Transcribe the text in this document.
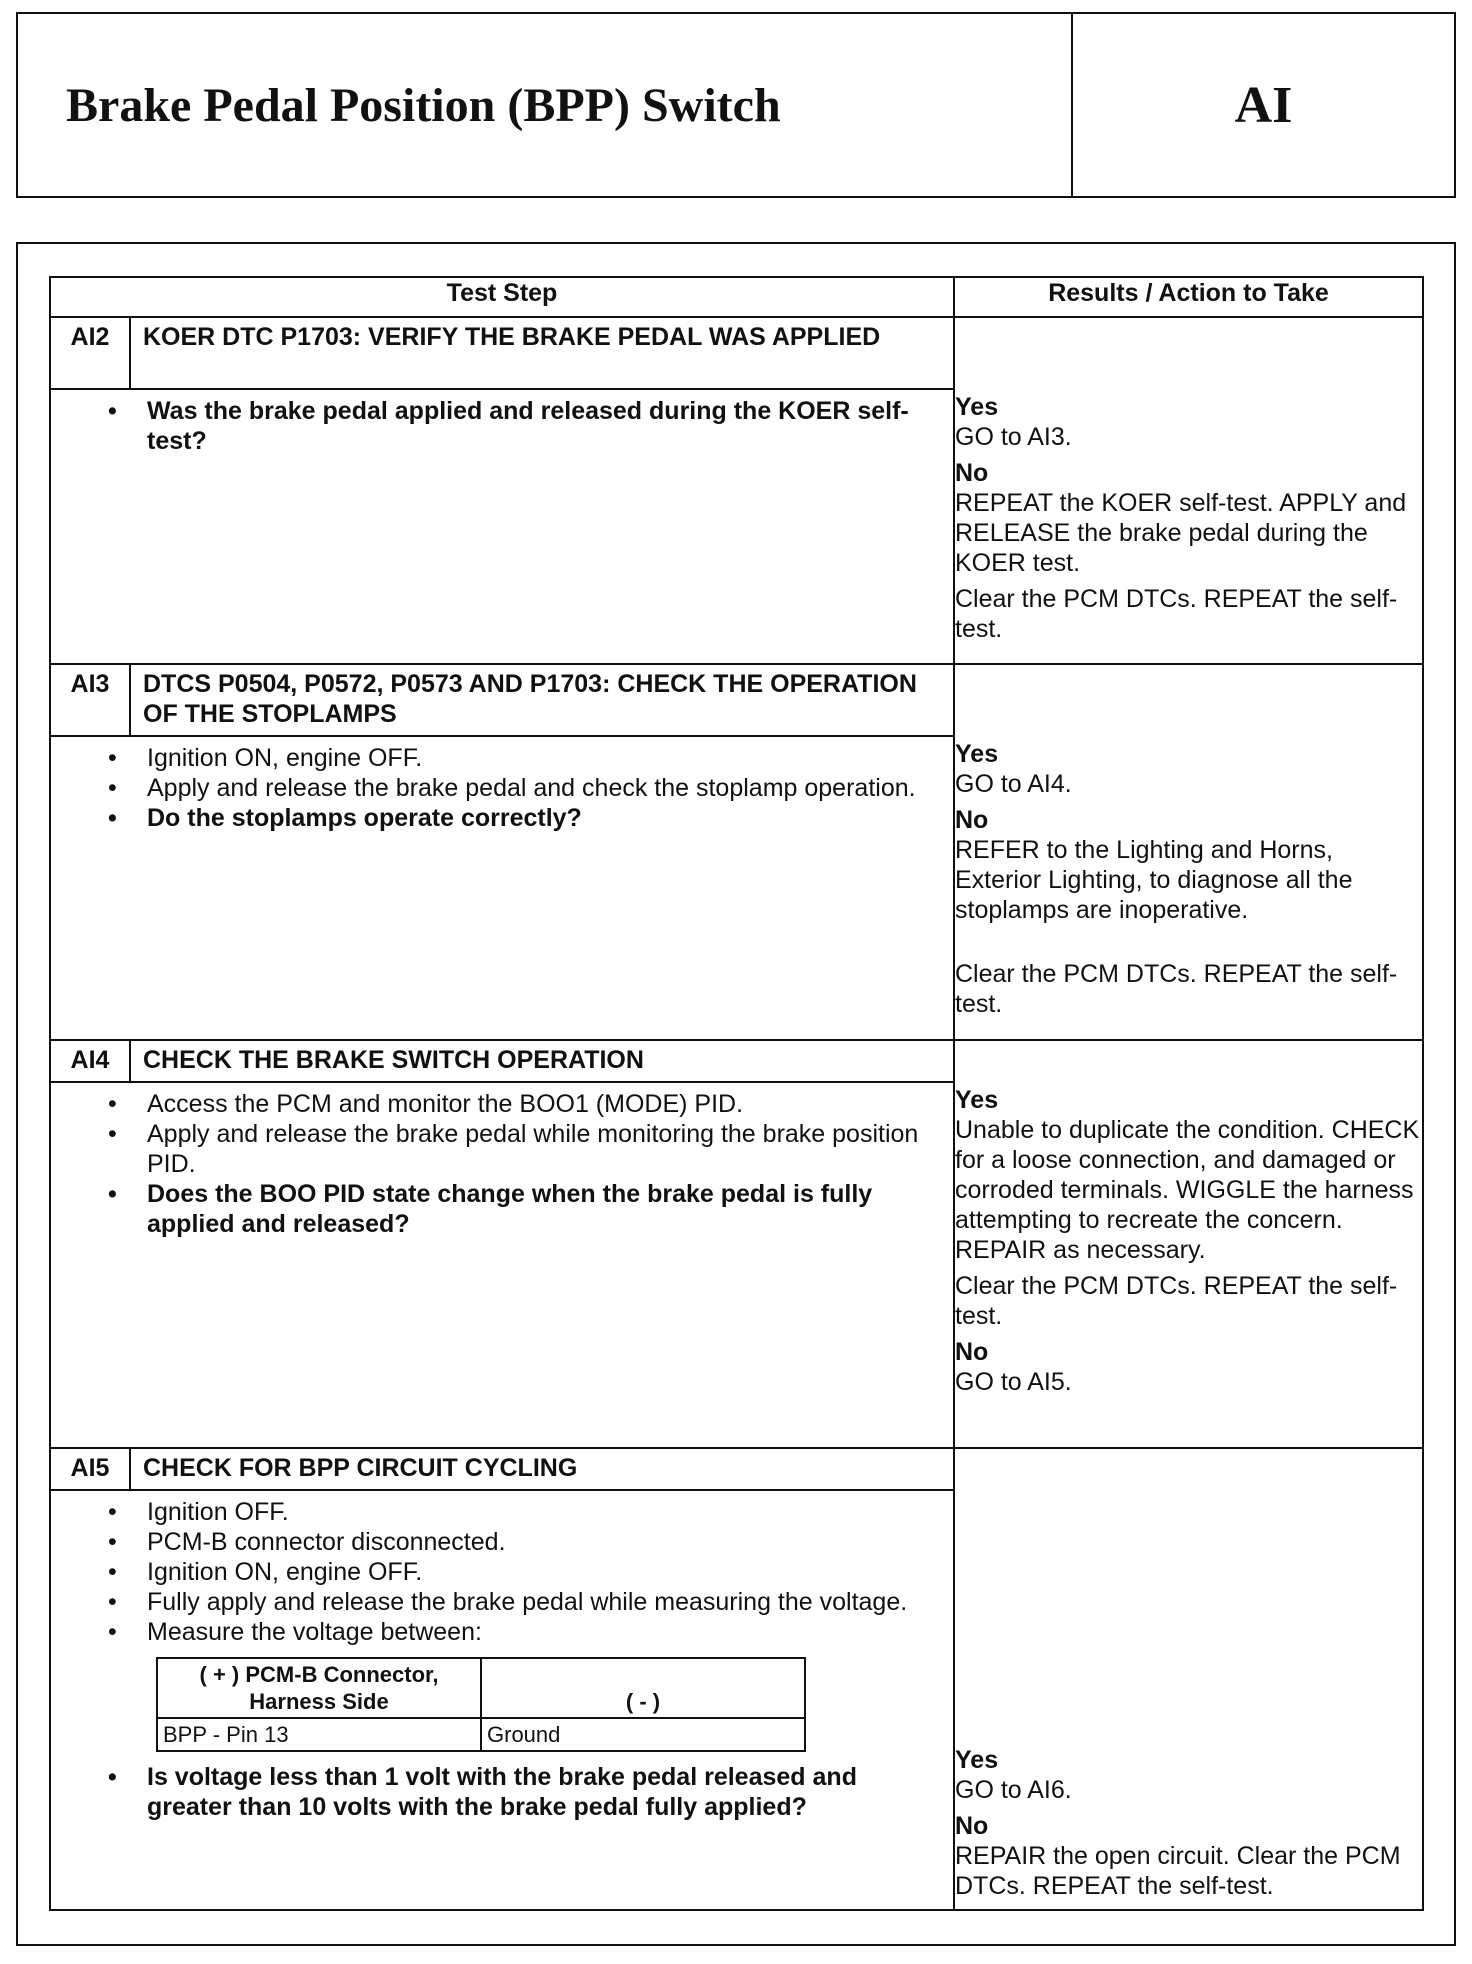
Brake Pedal Position (BPP) Switch	AI
Test Step	Results / Action to Take

AI2	KOER DTC P1703: VERIFY THE BRAKE PEDAL WAS APPLIED
• Was the brake pedal applied and released during the KOER self-test?

Yes

GO to AI3.

No

REPEAT the KOER self-test. APPLY and RELEASE the brake pedal during the KOER test.

Clear the PCM DTCs. REPEAT the self-test.

AI3	DTCS P0504, P0572, P0573 AND P1703: CHECK THE OPERATION OF THE STOPLAMPS
• Ignition ON, engine OFF.
• Apply and release the brake pedal and check the stoplamp operation.
• Do the stoplamps operate correctly?

Yes

GO to AI4.

No

REFER to the Lighting and Horns, Exterior Lighting, to diagnose all the stoplamps are inoperative.

Clear the PCM DTCs. REPEAT the self-test.

AI4	CHECK THE BRAKE SWITCH OPERATION
• Access the PCM and monitor the BOO1 (MODE) PID.
• Apply and release the brake pedal while monitoring the brake position PID.
• Does the BOO PID state change when the brake pedal is fully applied and released?

Yes

Unable to duplicate the condition. CHECK for a loose connection, and damaged or corroded terminals. WIGGLE the harness attempting to recreate the concern. REPAIR as necessary.

Clear the PCM DTCs. REPEAT the self-test.

No

GO to AI5.

AI5	CHECK FOR BPP CIRCUIT CYCLING
• Ignition OFF.
• PCM-B connector disconnected.
• Ignition ON, engine OFF.
• Fully apply and release the brake pedal while measuring the voltage.
• Measure the voltage between:
( + ) PCM-B Connector, Harness Side	( - )
BPP - Pin 13	Ground
• Is voltage less than 1 volt with the brake pedal released and greater than 10 volts with the brake pedal fully applied?

Yes

GO to AI6.

No

REPAIR the open circuit. Clear the PCM DTCs. REPEAT the self-test.
